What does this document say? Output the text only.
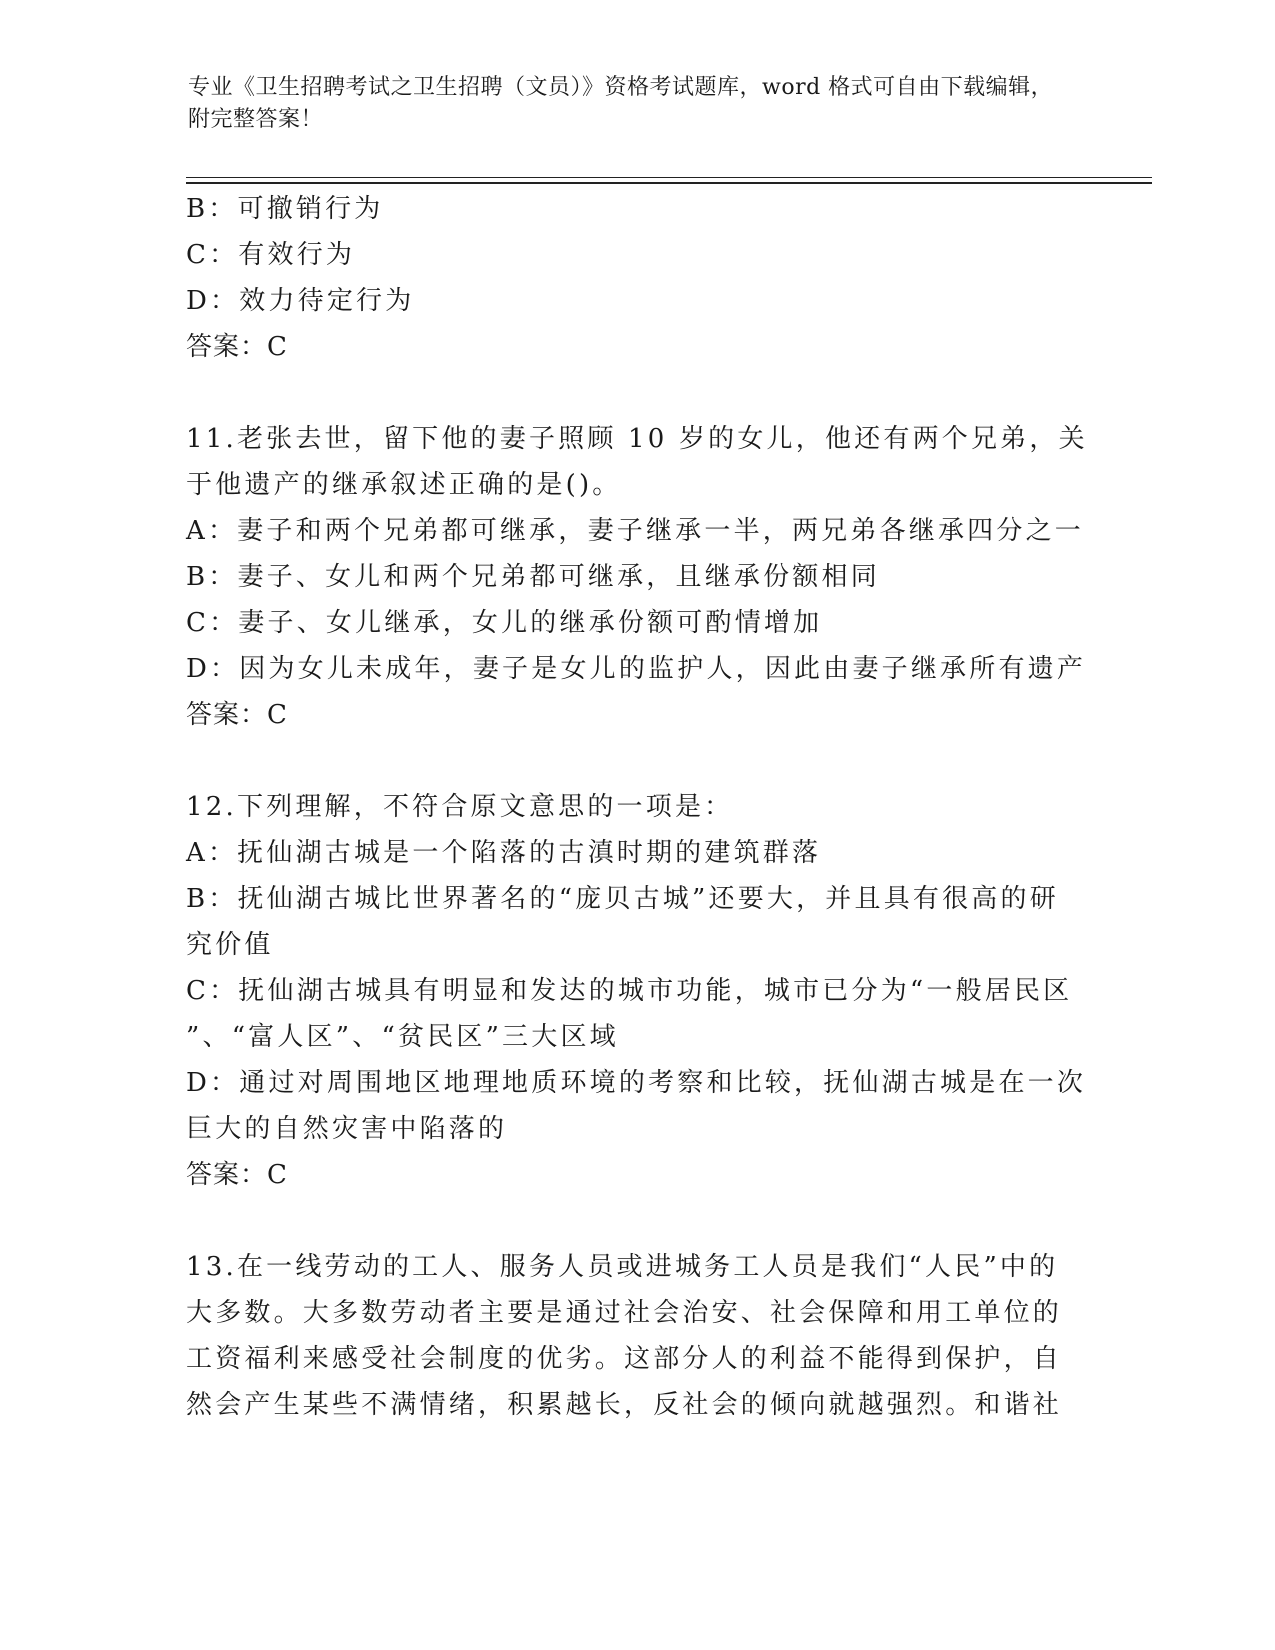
专业《卫生招聘考试之卫生招聘（文员）》资格考试题库，word 格式可自由下载编辑，附完整答案！
B：可撤销行为
C：有效行为
D：效力待定行为
答案：C
11.老张去世，留下他的妻子照顾 10 岁的女儿，他还有两个兄弟，关
于他遗产的继承叙述正确的是()。
A：妻子和两个兄弟都可继承，妻子继承一半，两兄弟各继承四分之一
B：妻子、女儿和两个兄弟都可继承，且继承份额相同
C：妻子、女儿继承，女儿的继承份额可酌情增加
D：因为女儿未成年，妻子是女儿的监护人，因此由妻子继承所有遗产
答案：C
12.下列理解，不符合原文意思的一项是：
A：抚仙湖古城是一个陷落的古滇时期的建筑群落
B：抚仙湖古城比世界著名的“庞贝古城”还要大，并且具有很高的研
究价值
C：抚仙湖古城具有明显和发达的城市功能，城市已分为“一般居民区
”、“富人区”、“贫民区”三大区域
D：通过对周围地区地理地质环境的考察和比较，抚仙湖古城是在一次
巨大的自然灾害中陷落的
答案：C
13.在一线劳动的工人、服务人员或进城务工人员是我们“人民”中的
大多数。大多数劳动者主要是通过社会治安、社会保障和用工单位的
工资福利来感受社会制度的优劣。这部分人的利益不能得到保护，自
然会产生某些不满情绪，积累越长，反社会的倾向就越强烈。和谐社
